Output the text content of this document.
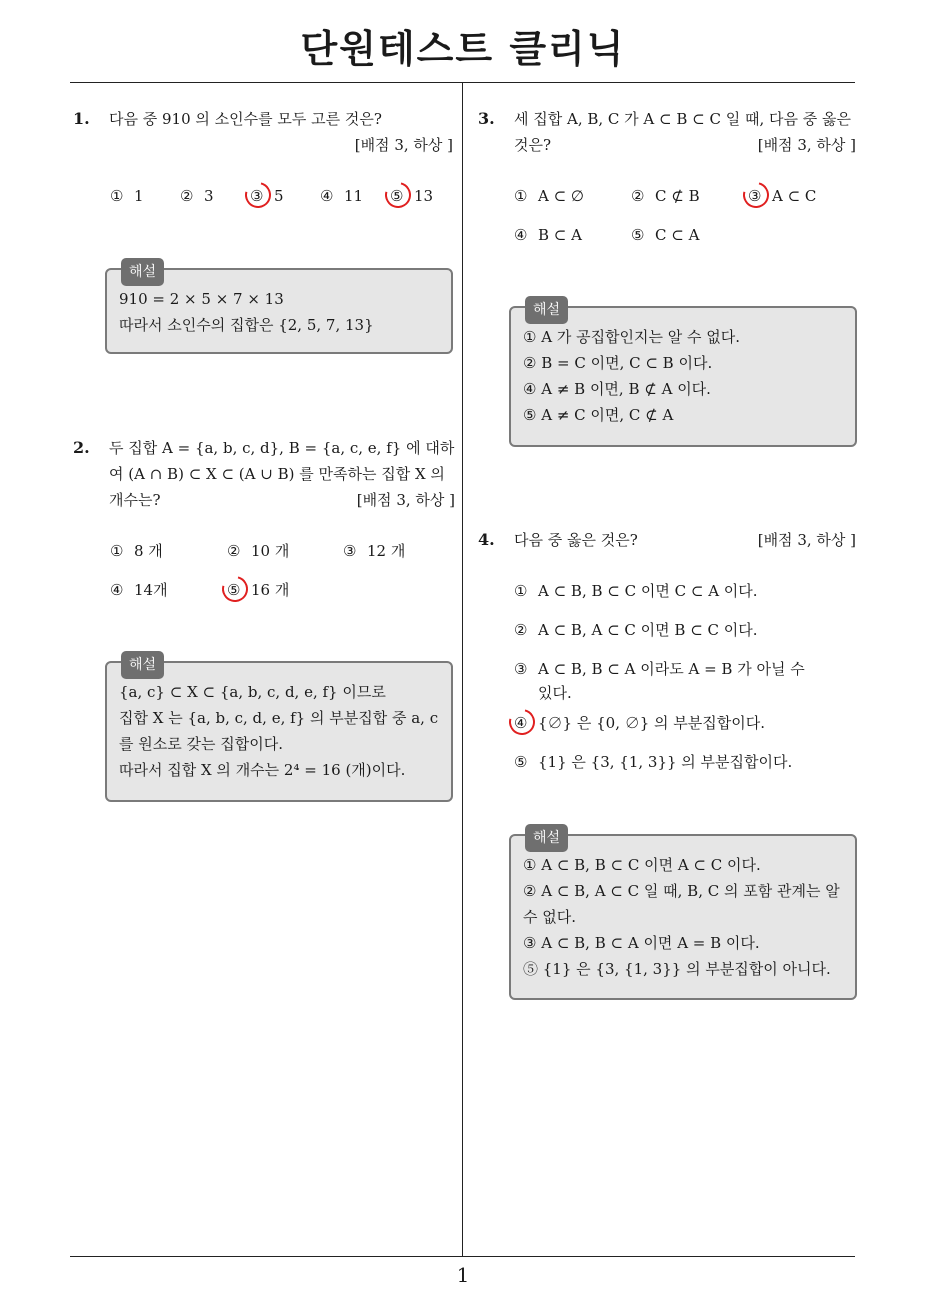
단원테스트 클리닉
1
1. 다음 중 910 의 소인수를 모두 고른 것은?
[배점 3, 하상 ]
① 1 ② 3 ③ 5 ④ 11 ⑤ 13
해설
910 = 2 × 5 × 7 × 13
따라서 소인수의 집합은 {2, 5, 7, 13}
2. 두 집합 A = {a, b, c, d}, B = {a, c, e, f} 에 대하
여 (A ∩ B) ⊂ X ⊂ (A ∪ B) 를 만족하는 집합 X 의
개수는?	[배점 3, 하상 ]
① 8 개	② 10 개	③ 12 개
④ 14개	⑤ 16 개
해설
{a, c} ⊂ X ⊂ {a, b, c, d, e, f} 이므로
집합 X 는 {a, b, c, d, e, f} 의 부분집합 중 a, c
를 원소로 갖는 집합이다.
따라서 집합 X 의 개수는 2⁴ = 16 (개)이다.
3. 세 집합 A, B, C 가 A ⊂ B ⊂ C 일 때, 다음 중 옳은
것은?	[배점 3, 하상 ]
① A ⊂ ∅	② C ⊄ B	③ A ⊂ C
④ B ⊂ A	⑤ C ⊂ A
해설
① A 가 공집합인지는 알 수 없다.
② B = C 이면, C ⊂ B 이다.
④ A ≠ B 이면, B ⊄ A 이다.
⑤ A ≠ C 이면, C ⊄ A
4. 다음 중 옳은 것은?	[배점 3, 하상 ]
① A ⊂ B, B ⊂ C 이면 C ⊂ A 이다.
② A ⊂ B, A ⊂ C 이면 B ⊂ C 이다.
③ A ⊂ B, B ⊂ A 이라도 A = B 가 아닐 수
있다.
④ {∅} 은 {0, ∅} 의 부분집합이다.
⑤ {1} 은 {3, {1, 3}} 의 부분집합이다.
해설
① A ⊂ B, B ⊂ C 이면 A ⊂ C 이다.
② A ⊂ B, A ⊂ C 일 때, B, C 의 포함 관계는 알
수 없다.
③ A ⊂ B, B ⊂ A 이면 A = B 이다.
⑤ {1} 은 {3, {1, 3}} 의 부분집합이 아니다.
